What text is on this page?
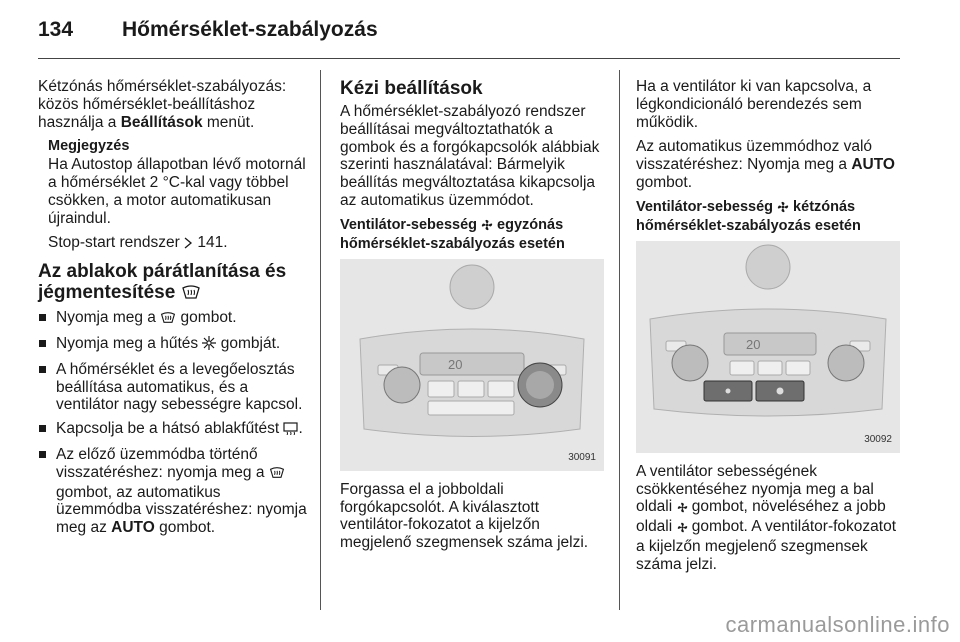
134	Hőmérséklet-szabályozás

Kétzónás hőmérséklet-szabályozás: közös hőmérséklet-beállításhoz használja a Beállítások menüt.

Megjegyzés

Ha Autostop állapotban lévő motornál a hőmérséklet 2 °C-kal vagy többel csökken, a motor automatikusan újraindul.

Stop-start rendszer  141.

Az ablakok párátlanítása és jégmentesítése
Nyomja meg a  gombot.
Nyomja meg a hűtés  gombját.
A hőmérséklet és a levegőelosztás beállítása automatikus, és a ventilátor nagy sebességre kapcsol.
Kapcsolja be a hátsó ablakfűtést .
Az előző üzemmódba történő visszatéréshez: nyomja meg a  gombot, az automatikus üzemmódba visszatéréshez: nyomja meg az AUTO gombot.
Kézi beállítások

A hőmérséklet-szabályozó rendszer beállításai megváltoztathatók a gombok és a forgókapcsolók alábbiak szerinti használatával: Bármelyik beállítás megváltoztatása kikapcsolja az automatikus üzemmódot.

Ventilátor-sebesség  egyzónás hőmérséklet-szabályozás esetén
20
30091

Forgassa el a jobboldali forgókapcsolót. A kiválasztott ventilátor-fokozatot a kijelzőn megjelenő szegmensek száma jelzi.

Ha a ventilátor ki van kapcsolva, a légkondicionáló berendezés sem működik.

Az automatikus üzemmódhoz való visszatéréshez: Nyomja meg a AUTO gombot.

Ventilátor-sebesség  kétzónás hőmérséklet-szabályozás esetén
20
30092

A ventilátor sebességének csökkentéséhez nyomja meg a bal oldali  gombot, növeléséhez a jobb oldali  gombot. A ventilátor-fokozatot a kijelzőn megjelenő szegmensek száma jelzi.

carmanualsonline.info
